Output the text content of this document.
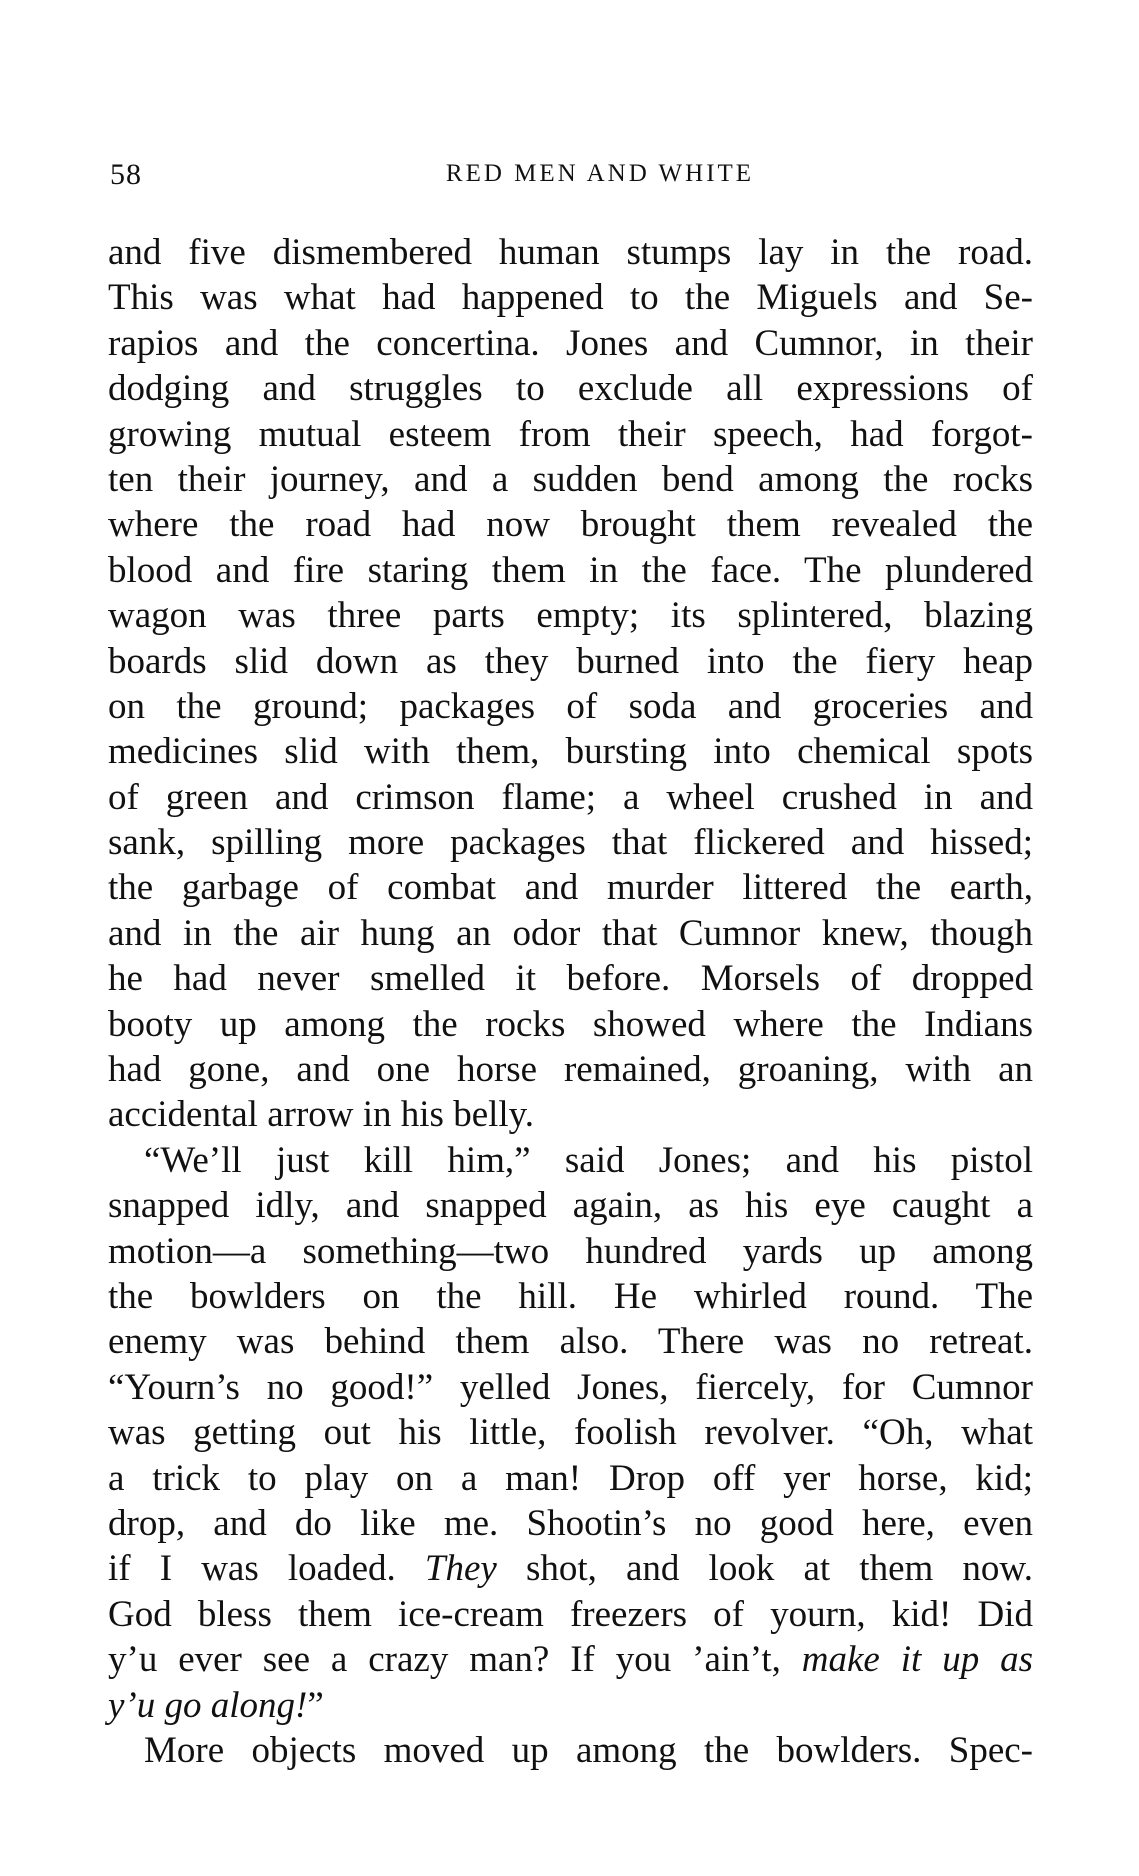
58	RED MEN AND WHITE
and five dismembered human stumps lay in the road.
This was what had happened to the Miguels and Se-
rapios and the concertina. Jones and Cumnor, in their
dodging and struggles to exclude all expressions of
growing mutual esteem from their speech, had forgot-
ten their journey, and a sudden bend among the rocks
where the road had now brought them revealed the
blood and fire staring them in the face. The plundered
wagon was three parts empty; its splintered, blazing
boards slid down as they burned into the fiery heap
on the ground; packages of soda and groceries and
medicines slid with them, bursting into chemical spots
of green and crimson flame; a wheel crushed in and
sank, spilling more packages that flickered and hissed;
the garbage of combat and murder littered the earth,
and in the air hung an odor that Cumnor knew, though
he had never smelled it before. Morsels of dropped
booty up among the rocks showed where the Indians
had gone, and one horse remained, groaning, with an
accidental arrow in his belly.
“We’ll just kill him,” said Jones; and his pistol
snapped idly, and snapped again, as his eye caught a
motion—a something—two hundred yards up among
the bowlders on the hill. He whirled round. The
enemy was behind them also. There was no retreat.
“Yourn’s no good!” yelled Jones, fiercely, for Cumnor
was getting out his little, foolish revolver. “Oh, what
a trick to play on a man! Drop off yer horse, kid;
drop, and do like me. Shootin’s no good here, even
if I was loaded. They shot, and look at them now.
God bless them ice-cream freezers of yourn, kid! Did
y’u ever see a crazy man? If you ’ain’t, make it up as
y’u go along!”
More objects moved up among the bowlders. Spec-
